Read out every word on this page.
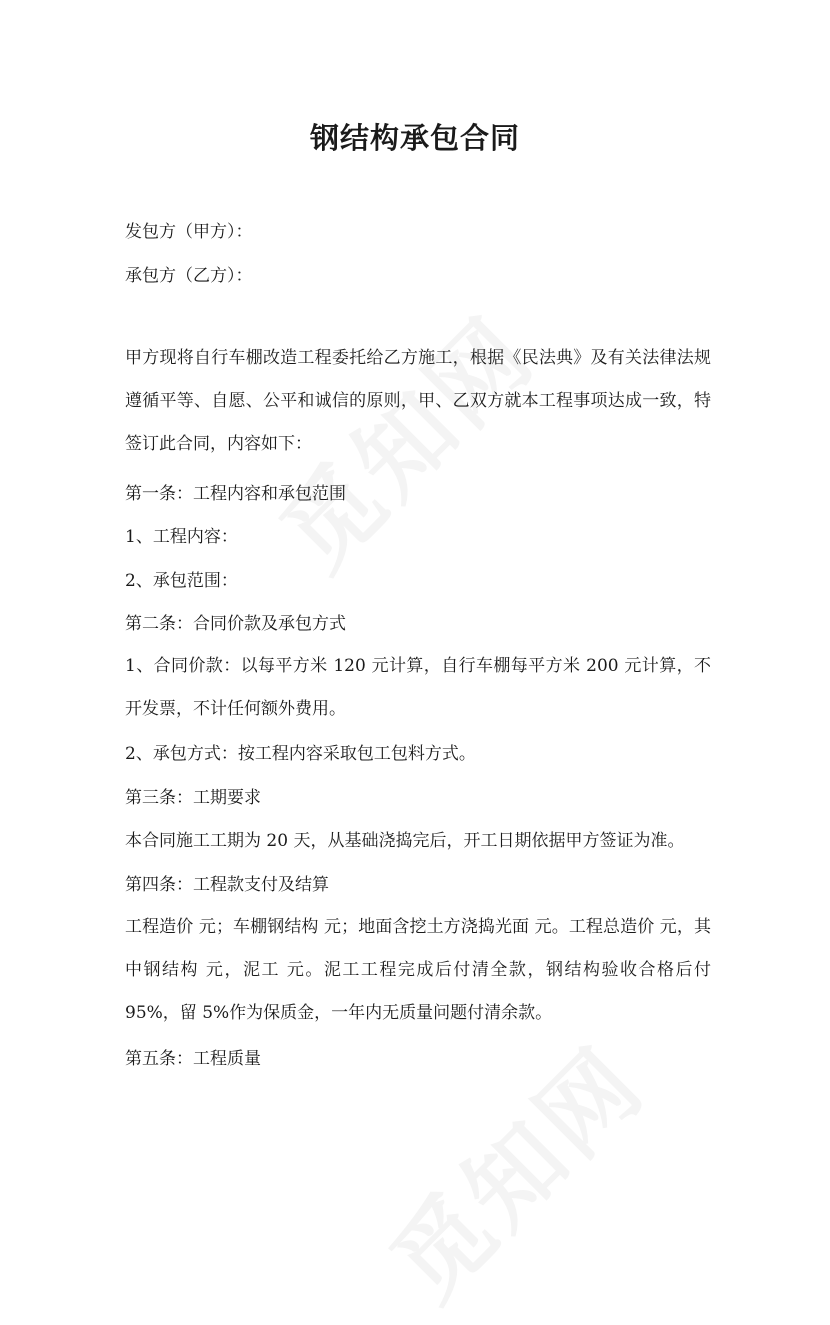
钢结构承包合同
发包方（甲方）：
承包方（乙方）：

甲方现将自行车棚改造工程委托给乙方施工，根据《民法典》及有关法律法规遵循平等、自愿、公平和诚信的原则，甲、乙双方就本工程事项达成一致，特签订此合同，内容如下：

第一条：工程内容和承包范围
1、工程内容：
2、承包范围：
第二条：合同价款及承包方式

1、合同价款：以每平方米 120 元计算，自行车棚每平方米 200 元计算，不开发票，不计任何额外费用。

2、承包方式：按工程内容采取包工包料方式。
第三条：工期要求
本合同施工工期为 20 天，从基础浇捣完后，开工日期依据甲方签证为准。
第四条：工程款支付及结算

工程造价 元；车棚钢结构 元；地面含挖土方浇捣光面 元。工程总造价 元，其中钢结构 元，泥工 元。泥工工程完成后付清全款，钢结构验收合格后付 95%，留 5%作为保质金，一年内无质量问题付清余款。

第五条：工程质量
